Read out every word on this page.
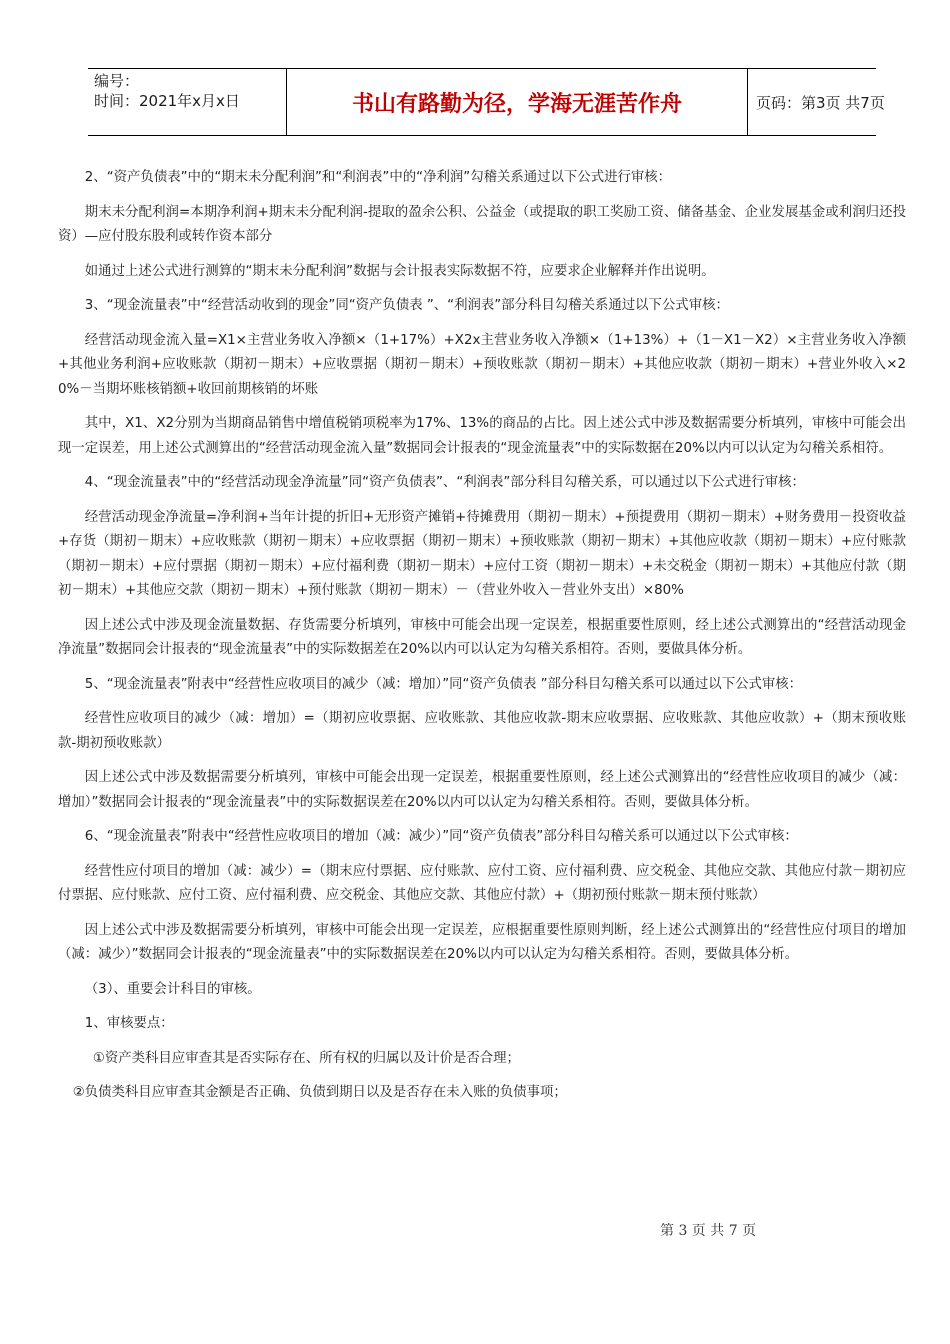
编号：
时间：2021年x月x日	书山有路勤为径，学海无涯苦作舟	页码：第3页 共7页

2、“资产负债表”中的“期末未分配利润”和“利润表”中的“净利润”勾稽关系通过以下公式进行审核：

期末未分配利润=本期净利润+期末未分配利润-提取的盈余公积、公益金（或提取的职工奖励工资、储备基金、企业发展基金或利润归还投资）—应付股东股利或转作资本部分

如通过上述公式进行测算的“期末未分配利润”数据与会计报表实际数据不符，应要求企业解释并作出说明。

3、“现金流量表”中“经营活动收到的现金”同“资产负债表 ”、“利润表”部分科目勾稽关系通过以下公式审核：

经营活动现金流入量=X1×主营业务收入净额×（1+17%）+X2x主营业务收入净额×（1+13%）+（1－X1－X2）×主营业务收入净额+其他业务利润+应收账款（期初－期末）+应收票据（期初－期末）+预收账款（期初－期末）+其他应收款（期初－期末）+营业外收入×20%－当期坏账核销额+收回前期核销的坏账

其中，X1、X2分别为当期商品销售中增值税销项税率为17%、13%的商品的占比。因上述公式中涉及数据需要分析填列，审核中可能会出现一定误差，用上述公式测算出的“经营活动现金流入量”数据同会计报表的“现金流量表”中的实际数据在20%以内可以认定为勾稽关系相符。

4、“现金流量表”中的“经营活动现金净流量”同“资产负债表”、“利润表”部分科目勾稽关系，可以通过以下公式进行审核：

经营活动现金净流量=净利润+当年计提的折旧+无形资产摊销+待摊费用（期初－期末）+预提费用（期初－期末）+财务费用－投资收益+存货（期初－期末）+应收账款（期初－期末）+应收票据（期初－期末）+预收账款（期初－期末）+其他应收款（期初－期末）+应付账款（期初－期末）+应付票据（期初－期末）+应付福利费（期初－期末）+应付工资（期初－期末）+未交税金（期初－期末）+其他应付款（期初－期末）+其他应交款（期初－期末）+预付账款（期初－期末）－（营业外收入－营业外支出）×80%

因上述公式中涉及现金流量数据、存货需要分析填列，审核中可能会出现一定误差，根据重要性原则，经上述公式测算出的“经营活动现金净流量”数据同会计报表的“现金流量表”中的实际数据差在20%以内可以认定为勾稽关系相符。否则，要做具体分析。

5、“现金流量表”附表中“经营性应收项目的减少（减：增加）”同“资产负债表 ”部分科目勾稽关系可以通过以下公式审核：

经营性应收项目的减少（减：增加）=（期初应收票据、应收账款、其他应收款-期末应收票据、应收账款、其他应收款）+（期末预收账款-期初预收账款）

因上述公式中涉及数据需要分析填列，审核中可能会出现一定误差，根据重要性原则，经上述公式测算出的“经营性应收项目的减少（减：增加）”数据同会计报表的“现金流量表”中的实际数据误差在20%以内可以认定为勾稽关系相符。否则，要做具体分析。

6、“现金流量表”附表中“经营性应收项目的增加（减：减少）”同“资产负债表”部分科目勾稽关系可以通过以下公式审核：

经营性应付项目的增加（减：减少）=（期末应付票据、应付账款、应付工资、应付福利费、应交税金、其他应交款、其他应付款－期初应付票据、应付账款、应付工资、应付福利费、应交税金、其他应交款、其他应付款）+（期初预付账款－期末预付账款）

因上述公式中涉及数据需要分析填列，审核中可能会出现一定误差，应根据重要性原则判断，经上述公式测算出的“经营性应付项目的增加（减：减少）”数据同会计报表的“现金流量表”中的实际数据误差在20%以内可以认定为勾稽关系相符。否则，要做具体分析。

（3）、重要会计科目的审核。

1、审核要点：

①资产类科目应审查其是否实际存在、所有权的归属以及计价是否合理；

②负债类科目应审查其金额是否正确、负债到期日以及是否存在未入账的负债事项；

第 3 页 共 7 页
